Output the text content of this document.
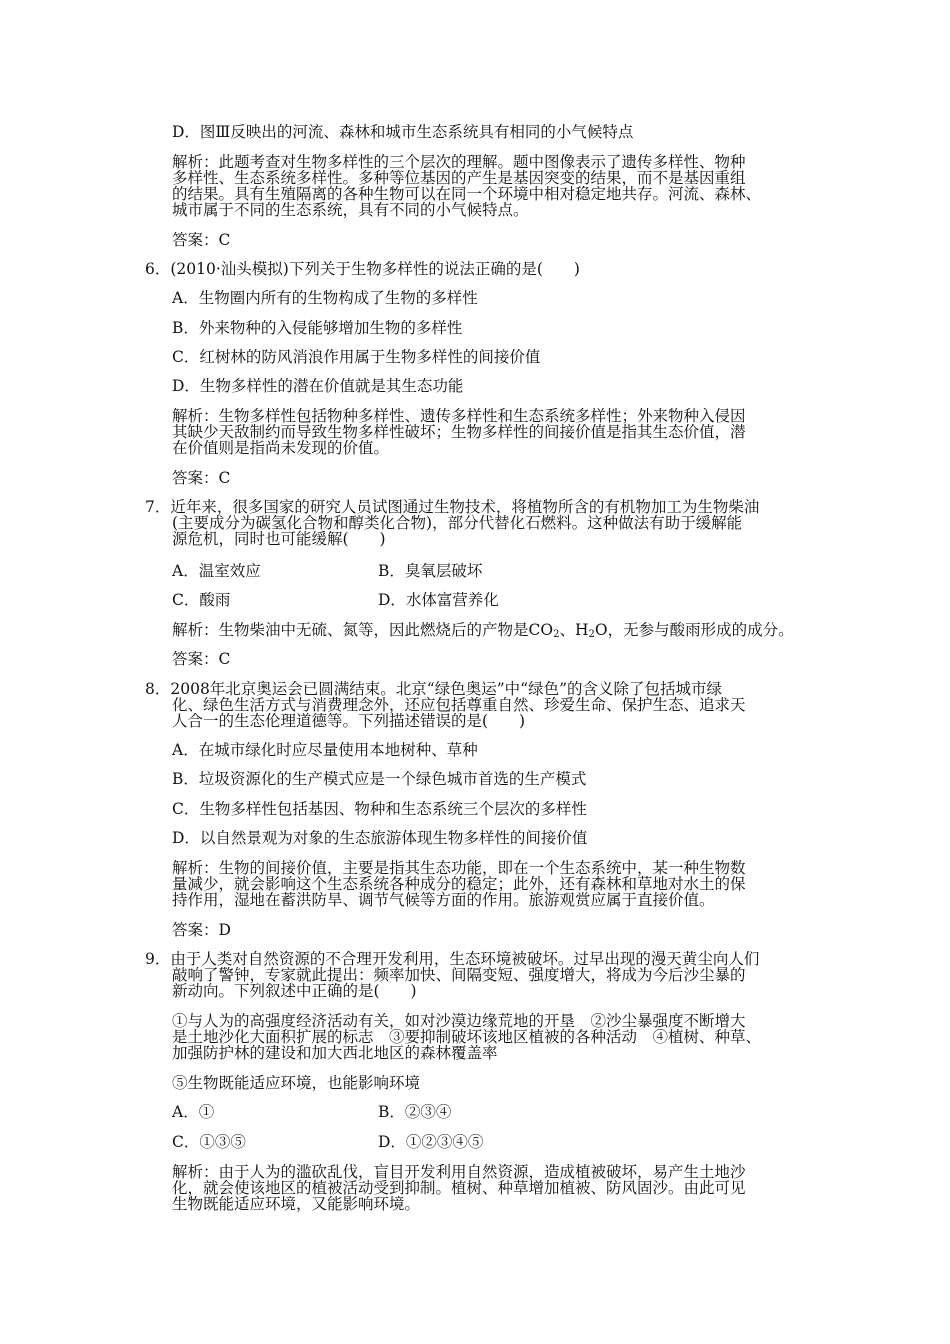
D．图Ⅲ反映出的河流、森林和城市生态系统具有相同的小气候特点
解析：此题考查对生物多样性的三个层次的理解。题中图像表示了遗传多样性、物种
多样性、生态系统多样性。多种等位基因的产生是基因突变的结果，而不是基因重组
的结果。具有生殖隔离的各种生物可以在同一个环境中相对稳定地共存。河流、森林、
城市属于不同的生态系统，具有不同的小气候特点。
答案：C
6．(2010·汕头模拟)下列关于生物多样性的说法正确的是(　　)
A．生物圈内所有的生物构成了生物的多样性
B．外来物种的入侵能够增加生物的多样性
C．红树林的防风消浪作用属于生物多样性的间接价值
D．生物多样性的潜在价值就是其生态功能
解析：生物多样性包括物种多样性、遗传多样性和生态系统多样性；外来物种入侵因
其缺少天敌制约而导致生物多样性破坏；生物多样性的间接价值是指其生态价值，潜
在价值则是指尚未发现的价值。
答案：C
7．近年来，很多国家的研究人员试图通过生物技术，将植物所含的有机物加工为生物柴油
(主要成分为碳氢化合物和醇类化合物)，部分代替化石燃料。这种做法有助于缓解能
源危机，同时也可能缓解(　　)
A．温室效应	B．臭氧层破坏
C．酸雨	D．水体富营养化
解析：生物柴油中无硫、氮等，因此燃烧后的产物是$CO_2$、$H_2O$，无参与酸雨形成的成分。
答案：C
8．2008年北京奥运会已圆满结束。北京“绿色奥运”中“绿色”的含义除了包括城市绿
化、绿色生活方式与消费理念外，还应包括尊重自然、珍爱生命、保护生态、追求天
人合一的生态伦理道德等。下列描述错误的是(　　)
A．在城市绿化时应尽量使用本地树种、草种
B．垃圾资源化的生产模式应是一个绿色城市首选的生产模式
C．生物多样性包括基因、物种和生态系统三个层次的多样性
D．以自然景观为对象的生态旅游体现生物多样性的间接价值
解析：生物的间接价值，主要是指其生态功能，即在一个生态系统中，某一种生物数
量减少，就会影响这个生态系统各种成分的稳定；此外，还有森林和草地对水土的保
持作用，湿地在蓄洪防旱、调节气候等方面的作用。旅游观赏应属于直接价值。
答案：D
9．由于人类对自然资源的不合理开发利用，生态环境被破坏。过早出现的漫天黄尘向人们
敲响了警钟，专家就此提出：频率加快、间隔变短、强度增大，将成为今后沙尘暴的
新动向。下列叙述中正确的是(　　)
①与人为的高强度经济活动有关，如对沙漠边缘荒地的开垦　②沙尘暴强度不断增大
是土地沙化大面积扩展的标志　③要抑制破坏该地区植被的各种活动　④植树、种草、
加强防护林的建设和加大西北地区的森林覆盖率
⑤生物既能适应环境，也能影响环境
A．①	B．②③④
C．①③⑤	D．①②③④⑤
解析：由于人为的滥砍乱伐，盲目开发利用自然资源，造成植被破坏，易产生土地沙
化，就会使该地区的植被活动受到抑制。植树、种草增加植被、防风固沙。由此可见
生物既能适应环境，又能影响环境。
